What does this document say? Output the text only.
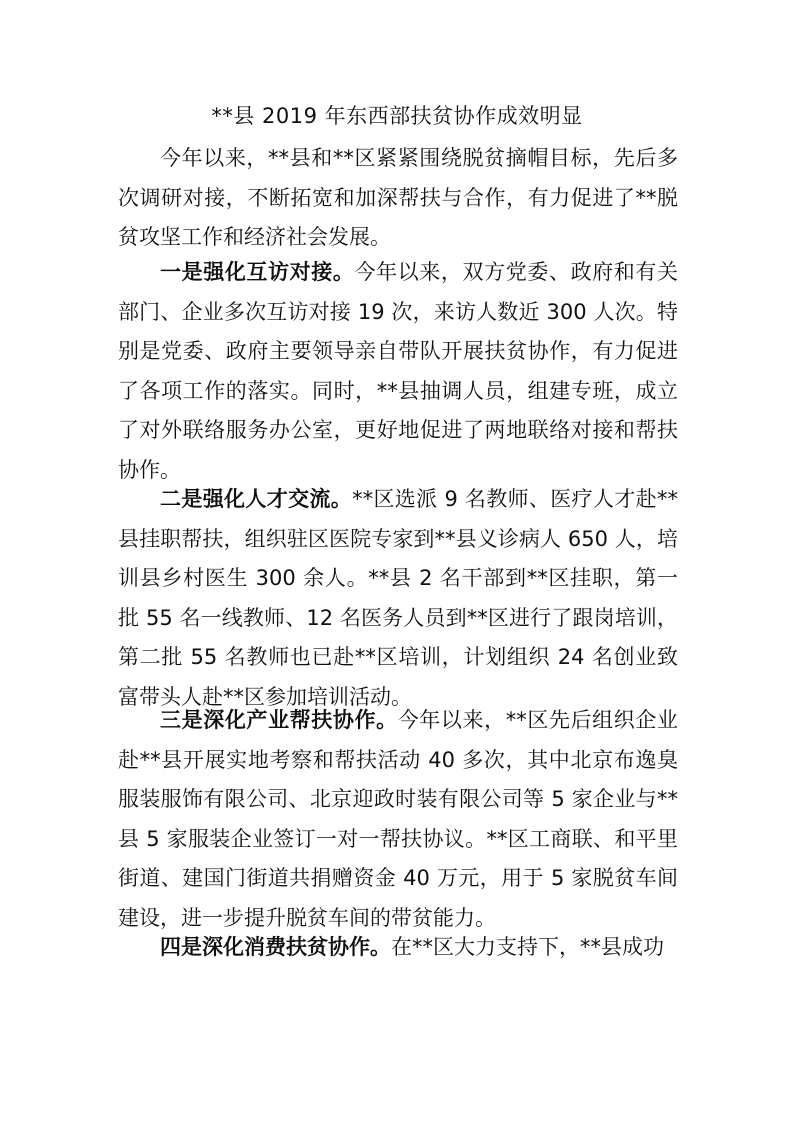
**县 2019 年东西部扶贫协作成效明显

今年以来，**县和**区紧紧围绕脱贫摘帽目标，先后多次调研对接，不断拓宽和加深帮扶与合作，有力促进了**脱贫攻坚工作和经济社会发展。

一是强化互访对接。今年以来，双方党委、政府和有关部门、企业多次互访对接 19 次，来访人数近 300 人次。特别是党委、政府主要领导亲自带队开展扶贫协作，有力促进了各项工作的落实。同时，**县抽调人员，组建专班，成立了对外联络服务办公室，更好地促进了两地联络对接和帮扶协作。

二是强化人才交流。**区选派 9 名教师、医疗人才赴**县挂职帮扶，组织驻区医院专家到**县义诊病人 650 人，培训县乡村医生 300 余人。**县 2 名干部到**区挂职，第一批 55 名一线教师、12 名医务人员到**区进行了跟岗培训，第二批 55 名教师也已赴**区培训，计划组织 24 名创业致富带头人赴**区参加培训活动。

三是深化产业帮扶协作。今年以来，**区先后组织企业赴**县开展实地考察和帮扶活动 40 多次，其中北京布逸臭服装服饰有限公司、北京迎政时装有限公司等 5 家企业与**县 5 家服装企业签订一对一帮扶协议。**区工商联、和平里街道、建国门街道共捐赠资金 40 万元，用于 5 家脱贫车间建设，进一步提升脱贫车间的带贫能力。

四是深化消费扶贫协作。在**区大力支持下，**县成功
